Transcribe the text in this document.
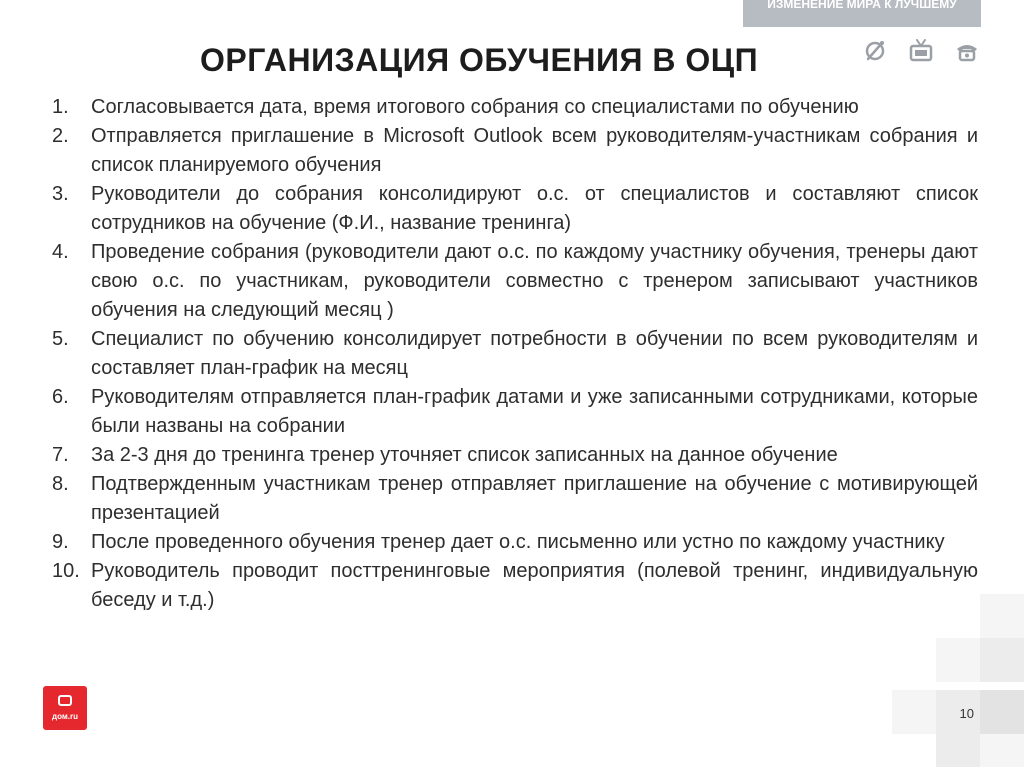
ИЗМЕНЕНИЕ МИРА К ЛУЧШЕМУ
ОРГАНИЗАЦИЯ ОБУЧЕНИЯ В ОЦП
1.	Согласовывается дата, время итогового собрания со специалистами по обучению
2.	Отправляется приглашение в Microsoft Outlook всем руководителям-участникам собрания и список планируемого обучения
3.	Руководители до собрания консолидируют о.с. от специалистов и составляют список сотрудников на обучение (Ф.И., название тренинга)
4.	Проведение собрания (руководители дают о.с. по каждому участнику обучения, тренеры дают свою о.с. по участникам, руководители совместно с тренером записывают участников обучения на следующий месяц )
5.	Специалист по обучению консолидирует потребности в обучении по всем руководителям и составляет план-график на месяц
6.	Руководителям отправляется план-график датами и уже записанными сотрудниками, которые были названы на собрании
7.	За 2-3 дня до тренинга тренер уточняет список записанных на данное обучение
8.	Подтвержденным участникам тренер отправляет приглашение на обучение с мотивирующей презентацией
9.	После проведенного обучения тренер дает о.с. письменно или устно по каждому участнику
10. Руководитель проводит посттренинговые мероприятия (полевой тренинг, индивидуальную беседу и т.д.)
10
дом.ru
